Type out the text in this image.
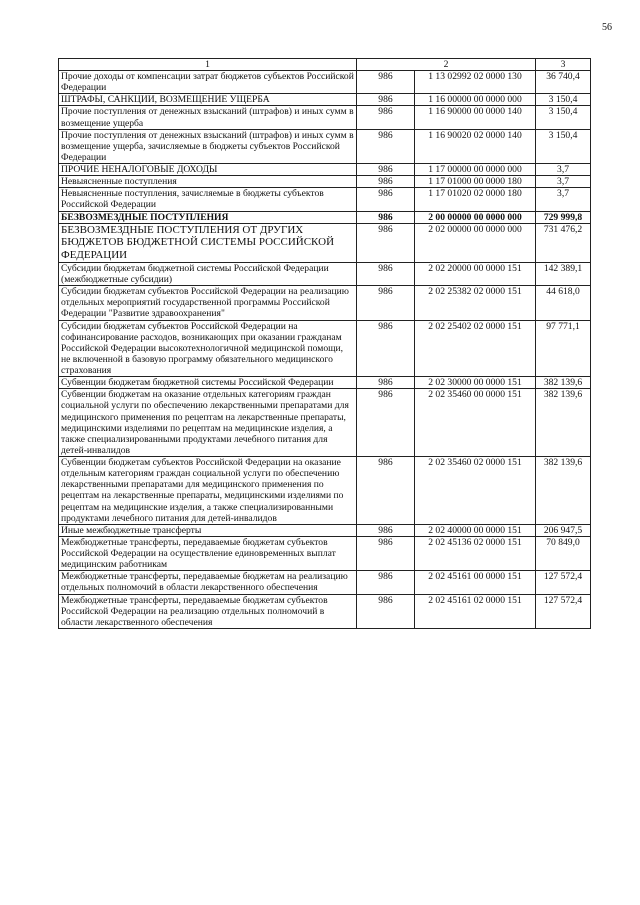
56
1	2		3
Прочие доходы от компенсации затрат бюджетов субъектов Российской Федерации	986	1 13 02992 02 0000 130	36 740,4
ШТРАФЫ, САНКЦИИ, ВОЗМЕЩЕНИЕ УЩЕРБА	986	1 16 00000 00 0000 000	3 150,4
Прочие поступления от денежных взысканий (штрафов) и иных сумм в возмещение ущерба	986	1 16 90000 00 0000 140	3 150,4
Прочие поступления от денежных взысканий (штрафов) и иных сумм в возмещение ущерба, зачисляемые в бюджеты субъектов Российской Федерации	986	1 16 90020 02 0000 140	3 150,4
ПРОЧИЕ НЕНАЛОГОВЫЕ ДОХОДЫ	986	1 17 00000 00 0000 000	3,7
Невыясненные поступления	986	1 17 01000 00 0000 180	3,7
Невыясненные поступления, зачисляемые в бюджеты субъектов Российской Федерации	986	1 17 01020 02 0000 180	3,7
БЕЗВОЗМЕЗДНЫЕ ПОСТУПЛЕНИЯ	986	2 00 00000 00 0000 000	729 999,8
БЕЗВОЗМЕЗДНЫЕ ПОСТУПЛЕНИЯ ОТ ДРУГИХ БЮДЖЕТОВ БЮДЖЕТНОЙ СИСТЕМЫ РОССИЙСКОЙ ФЕДЕРАЦИИ	986	2 02 00000 00 0000 000	731 476,2
Субсидии бюджетам бюджетной системы Российской Федерации (межбюджетные субсидии)	986	2 02 20000 00 0000 151	142 389,1
Субсидии бюджетам субъектов Российской Федерации на реализацию отдельных мероприятий государственной программы Российской Федерации "Развитие здравоохранения"	986	2 02 25382 02 0000 151	44 618,0
Субсидии бюджетам субъектов Российской Федерации на софинансирование расходов, возникающих при оказании гражданам Российской Федерации высокотехнологичной медицинской помощи, не включенной в базовую программу обязательного медицинского страхования	986	2 02 25402 02 0000 151	97 771,1
Субвенции бюджетам бюджетной системы Российской Федерации	986	2 02 30000 00 0000 151	382 139,6
Субвенции бюджетам на оказание отдельных категориям граждан социальной услуги по обеспечению лекарственными препаратами для медицинского применения по рецептам на лекарственные препараты, медицинскими изделиями по рецептам на медицинские изделия, а также специализированными продуктами лечебного питания для детей-инвалидов	986	2 02 35460 00 0000 151	382 139,6
Субвенции бюджетам субъектов Российской Федерации на оказание отдельным категориям граждан социальной услуги по обеспечению лекарственными препаратами для медицинского применения по рецептам на лекарственные препараты, медицинскими изделиями по рецептам на медицинские изделия, а также специализированными продуктами лечебного питания для детей-инвалидов	986	2 02 35460 02 0000 151	382 139,6
Иные межбюджетные трансферты	986	2 02 40000 00 0000 151	206 947,5
Межбюджетные трансферты, передаваемые бюджетам субъектов Российской Федерации на осуществление единовременных выплат медицинским работникам	986	2 02 45136 02 0000 151	70 849,0
Межбюджетные трансферты, передаваемые бюджетам на реализацию отдельных полномочий в области лекарственного обеспечения	986	2 02 45161 00 0000 151	127 572,4
Межбюджетные трансферты, передаваемые бюджетам субъектов Российской Федерации на реализацию отдельных полномочий в области лекарственного обеспечения	986	2 02 45161 02 0000 151	127 572,4
